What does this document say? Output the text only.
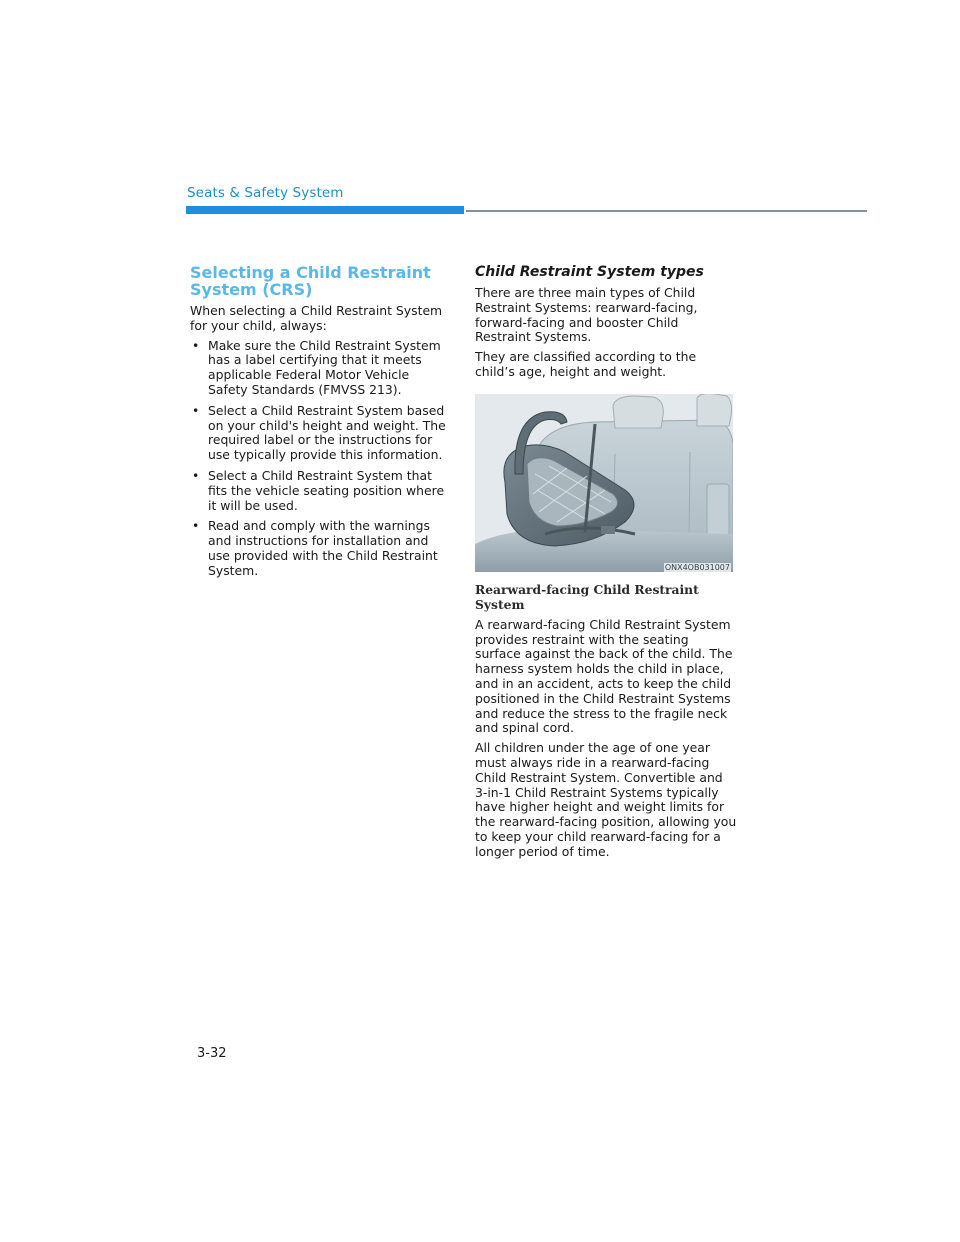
Seats & Safety System
Selecting a Child Restraint
System (CRS)

When selecting a Child Restraint System for your child, always:

• Make sure the Child Restraint System has a label certifying that it meets applicable Federal Motor Vehicle Safety Standards (FMVSS 213).
• Select a Child Restraint System based on your child's height and weight. The required label or the instructions for use typically provide this information.
• Select a Child Restraint System that fits the vehicle seating position where it will be used.
• Read and comply with the warnings and instructions for installation and use provided with the Child Restraint System.
Child Restraint System types

There are three main types of Child Restraint Systems: rearward-facing, forward-facing and booster Child Restraint Systems.

They are classified according to the child’s age, height and weight.

ONX4OB031007
Rearward-facing Child Restraint System

A rearward-facing Child Restraint System provides restraint with the seating surface against the back of the child. The harness system holds the child in place, and in an accident, acts to keep the child positioned in the Child Restraint Systems and reduce the stress to the fragile neck and spinal cord.

All children under the age of one year must always ride in a rearward-facing Child Restraint System. Convertible and 3-in-1 Child Restraint Systems typically have higher height and weight limits for the rearward-facing position, allowing you to keep your child rearward-facing for a longer period of time.

3-32
